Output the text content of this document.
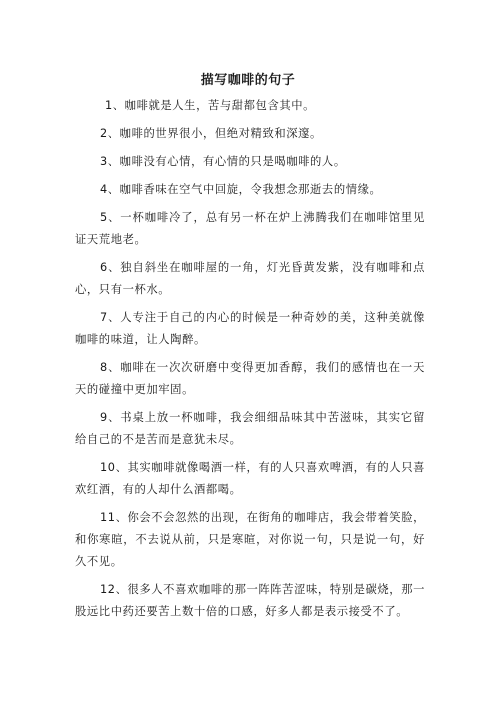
描写咖啡的句子

1、咖啡就是人生，苦与甜都包含其中。

2、咖啡的世界很小，但绝对精致和深邃。

3、咖啡没有心情，有心情的只是喝咖啡的人。

4、咖啡香味在空气中回旋，令我想念那逝去的情缘。

5、一杯咖啡冷了，总有另一杯在炉上沸腾我们在咖啡馆里见证天荒地老。

6、独自斜坐在咖啡屋的一角，灯光昏黄发紫，没有咖啡和点心，只有一杯水。

7、人专注于自己的内心的时候是一种奇妙的美，这种美就像咖啡的味道，让人陶醉。

8、咖啡在一次次研磨中变得更加香醇，我们的感情也在一天天的碰撞中更加牢固。

9、书桌上放一杯咖啡，我会细细品味其中苦滋味，其实它留给自己的不是苦而是意犹未尽。

10、其实咖啡就像喝酒一样，有的人只喜欢啤酒，有的人只喜欢红酒，有的人却什么酒都喝。

11、你会不会忽然的出现，在街角的咖啡店，我会带着笑脸，和你寒暄，不去说从前，只是寒暄，对你说一句，只是说一句，好久不见。

12、很多人不喜欢咖啡的那一阵阵苦涩味，特别是碳烧，那一股远比中药还要苦上数十倍的口感，好多人都是表示接受不了。
